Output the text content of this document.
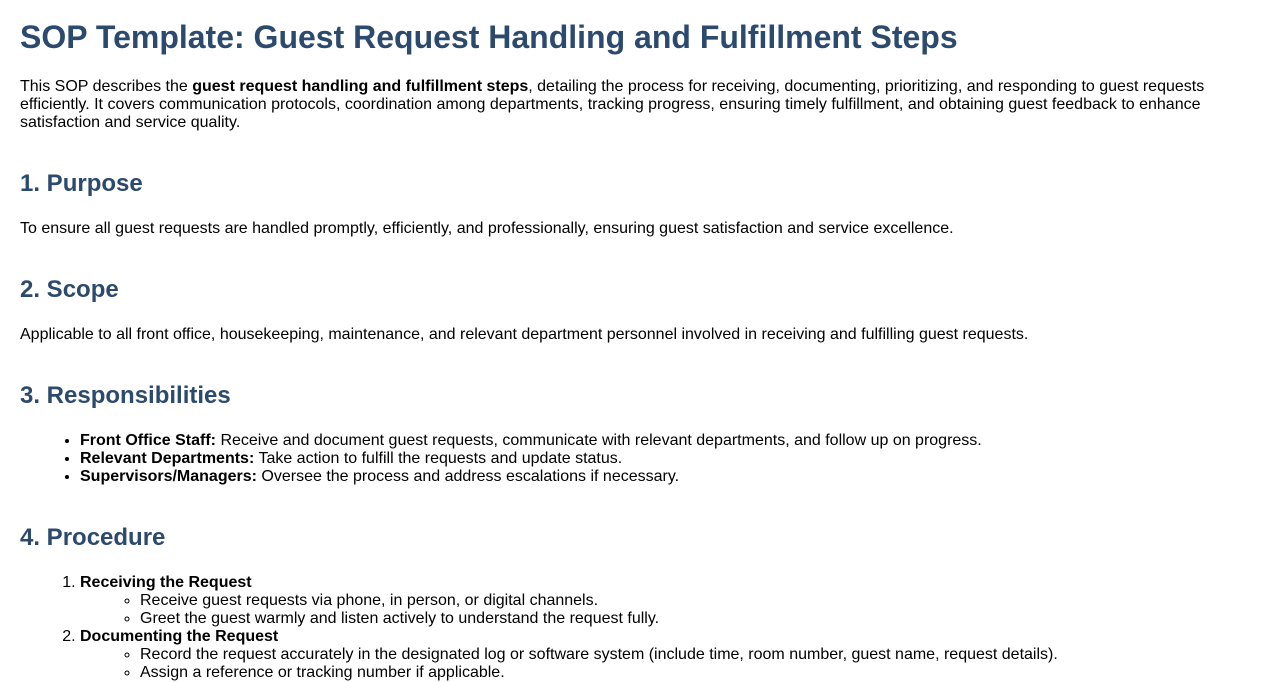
SOP Template: Guest Request Handling and Fulfillment Steps

This SOP describes the guest request handling and fulfillment steps, detailing the process for receiving, documenting, prioritizing, and responding to guest requests efficiently. It covers communication protocols, coordination among departments, tracking progress, ensuring timely fulfillment, and obtaining guest feedback to enhance satisfaction and service quality.

1. Purpose

To ensure all guest requests are handled promptly, efficiently, and professionally, ensuring guest satisfaction and service excellence.

2. Scope

Applicable to all front office, housekeeping, maintenance, and relevant department personnel involved in receiving and fulfilling guest requests.

3. Responsibilities
• Front Office Staff: Receive and document guest requests, communicate with relevant departments, and follow up on progress.
• Relevant Departments: Take action to fulfill the requests and update status.
• Supervisors/Managers: Oversee the process and address escalations if necessary.
4. Procedure
1. Receiving the Request
◦ Receive guest requests via phone, in person, or digital channels.
◦ Greet the guest warmly and listen actively to understand the request fully.
2. Documenting the Request
◦ Record the request accurately in the designated log or software system (include time, room number, guest name, request details).
◦ Assign a reference or tracking number if applicable.
